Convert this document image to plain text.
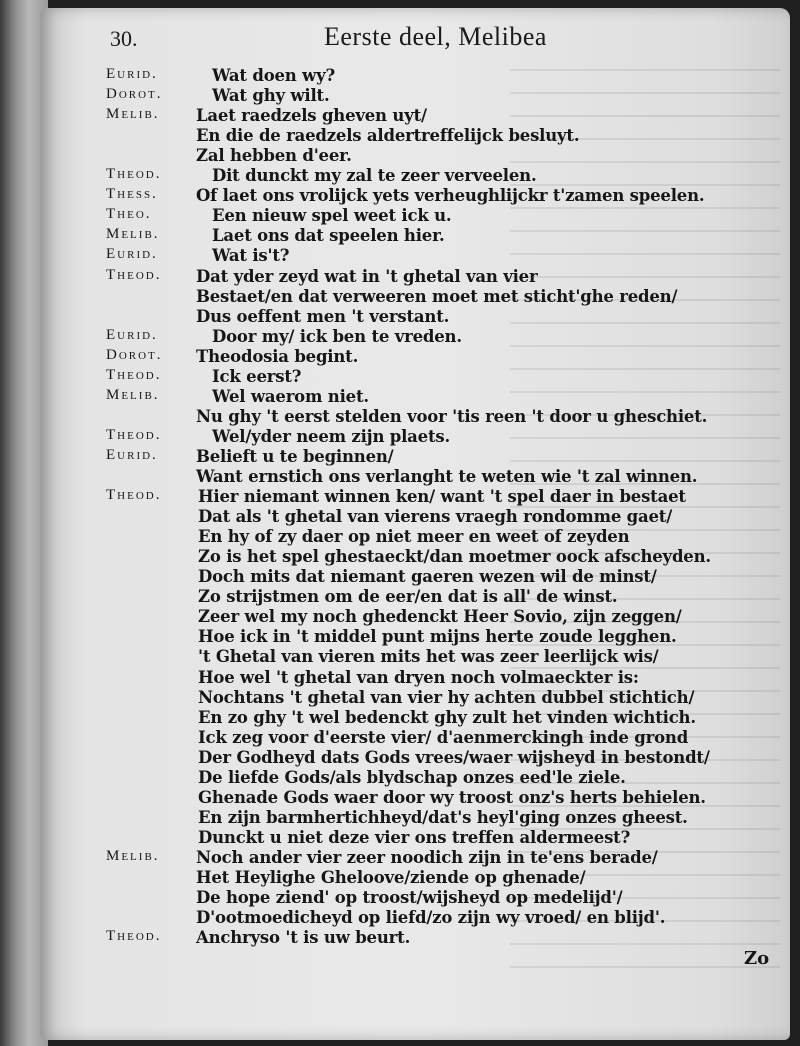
30.	Eerste deel, Melibea
Eurid.	Wat doen wy?
Dorot.	Wat ghy wilt.
Melib. Laet raedzels gheven uyt/
En die de raedzels aldertreffelijck besluyt.
Zal hebben d'eer.
Theod.	Dit dunckt my zal te zeer verveelen.
Thess. Of laet ons vrolijck yets verheughlijckr t'zamen speelen.
Theo.	Een nieuw spel weet ick u.
Melib.	Laet ons dat speelen hier.
Eurid.	Wat is't?
Theod. Dat yder zeyd wat in 't ghetal van vier
Bestaet/en dat verweeren moet met sticht'ghe reden/
Dus oeffent men 't verstant.
Eurid.	Door my/ ick ben te vreden.
Dorot. Theodosia begint.
Theod.	Ick eerst?
Melib.	Wel waerom niet.
Nu ghy 't eerst stelden voor 'tis reen 't door u gheschiet.
Theod.	Wel/yder neem zijn plaets.
Eurid. Belieft u te beginnen/
Want ernstich ons verlanght te weten wie 't zal winnen.
Theod. Hier niemant winnen ken/ want 't spel daer in bestaet
Dat als 't ghetal van vierens vraegh rondomme gaet/
En hy of zy daer op niet meer en weet of zeyden
Zo is het spel ghestaeckt/dan moetmer oock afscheyden.
Doch mits dat niemant gaeren wezen wil de minst/
Zo strijstmen om de eer/en dat is all' de winst.
Zeer wel my noch ghedenckt Heer Sovio, zijn zeggen/
Hoe ick in 't middel punt mijns herte zoude legghen.
't Ghetal van vieren mits het was zeer leerlijck wis/
Hoe wel 't ghetal van dryen noch volmaeckter is:
Nochtans 't ghetal van vier hy achten dubbel stichtich/
En zo ghy 't wel bedenckt ghy zult het vinden wichtich.
Ick zeg voor d'eerste vier/ d'aenmerckingh inde grond
Der Godheyd dats Gods vrees/waer wijsheyd in bestondt/
De liefde Gods/als blydschap onzes eed'le ziele.
Ghenade Gods waer door wy troost onz's herts behielen.
En zijn barmhertichheyd/dat's heyl'ging onzes gheest.
Dunckt u niet deze vier ons treffen aldermeest?
Melib. Noch ander vier zeer noodich zijn in te'ens berade/
Het Heylighe Gheloove/ziende op ghenade/
De hope ziend' op troost/wijsheyd op medelijd'/
D'ootmoedicheyd op liefd/zo zijn wy vroed/ en blijd'.
Theod. Anchryso 't is uw beurt.
Zo
